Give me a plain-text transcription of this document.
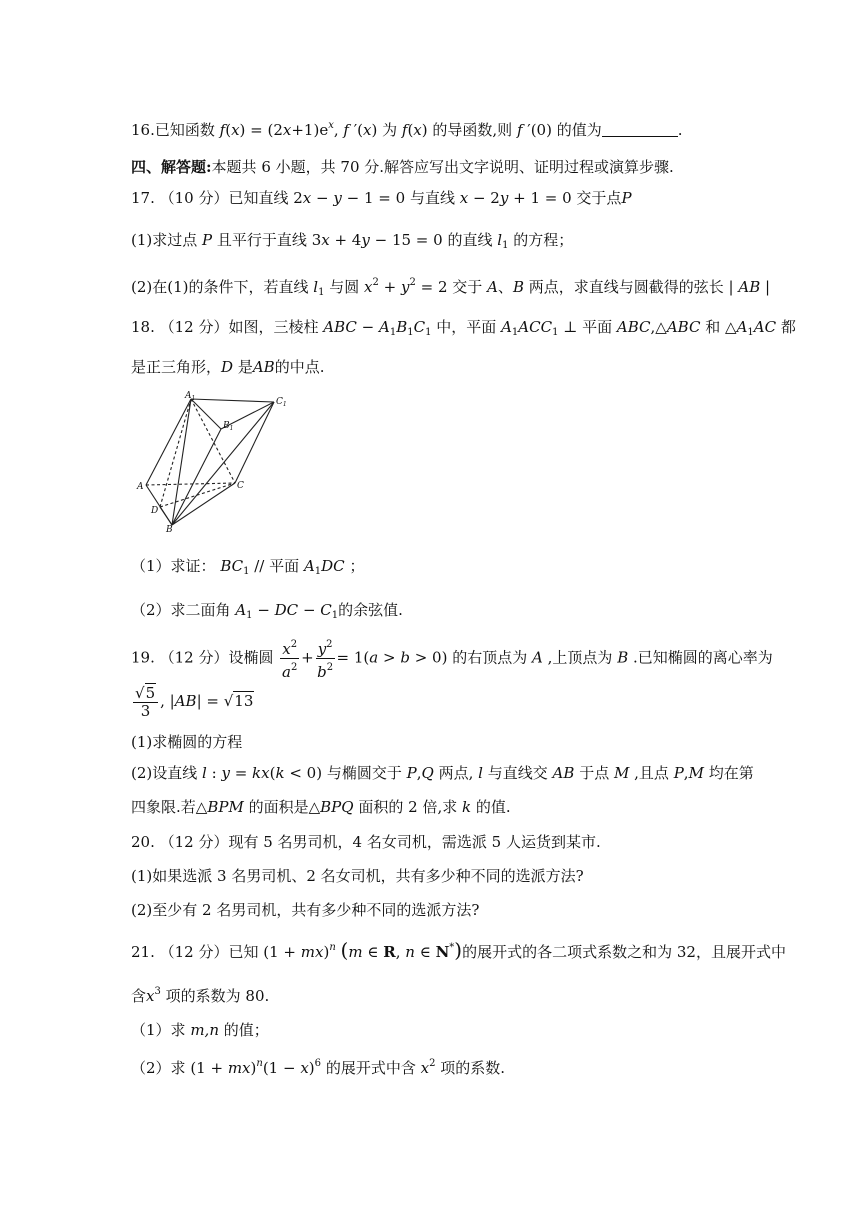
16.已知函数 $f(x) = (2x+1)e^x$, f ′(x) 为 f(x) 的导函数,则 f ′(0) 的值为	.
四、解答题:本题共 6 小题，共 70 分.解答应写出文字说明、证明过程或演算步骤.
17. （10 分）已知直线 2x − y − 1 = 0 与直线 x − 2y + 1 = 0 交于点P
(1)求过点 P 且平行于直线 3x + 4y − 15 = 0 的直线 $l_1$ 的方程；
(2)在(1)的条件下，若直线 $l_1$ 与圆 $x^2 + y^2 = 2$ 交于 A、B 两点，求直线与圆截得的弦长 | AB |
18. （12 分）如图，三棱柱 ABC − $A_1B_1C_1$ 中，平面 $A_1ACC_1$ ⊥ 平面 ABC,△ABC 和 $\triangle A_1AC$ 都
是正三角形，D 是AB的中点.
$A_1$	$C_1$
$B_1$
A	C
D
B
（1）求证： $BC_1$ // 平面 $A_1DC$ ；
（2）求二面角 $A_1$ − DC − $C_1$的余弦值.
19. （12 分）设椭圆 $\frac{x^2}{a^2} + \frac{y^2}{b^2} = 1(a > b > 0)$ 的右顶点为 A ,上顶点为 B .已知椭圆的离心率为
$\frac{√5}{3}$ , |AB| = √13
(1)求椭圆的方程
(2)设直线 l : y = kx(k < 0) 与椭圆交于 P,Q 两点, l 与直线交 AB 于点 M ,且点 P,M 均在第
四象限.若△BPM 的面积是△BPQ 面积的 2 倍,求 k 的值.
20. （12 分）现有 5 名男司机，4 名女司机，需选派 5 人运货到某市.
(1)如果选派 3 名男司机、2 名女司机，共有多少种不同的选派方法?
(2)至少有 2 名男司机，共有多少种不同的选派方法?
21. （12 分）已知 (1 + mx)$^n$ (m ∈ R, n ∈ N*)的展开式的各二项式系数之和为 32，且展开式中
含$x^3$ 项的系数为 80.
（1）求 m,n 的值；
（2）求 $(1 + mx)^n(1 - x)^6$ 的展开式中含 $x^2$ 项的系数.
